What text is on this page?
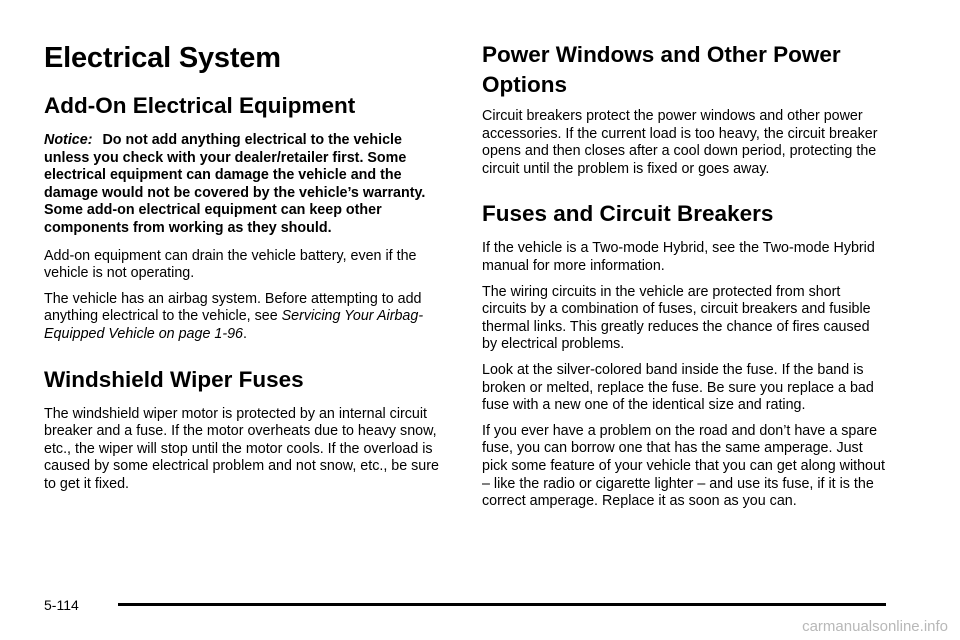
Electrical System
Add-On Electrical Equipment

Notice: Do not add anything electrical to the vehicle unless you check with your dealer/retailer first. Some electrical equipment can damage the vehicle and the damage would not be covered by the vehicle’s warranty. Some add-on electrical equipment can keep other components from working as they should.

Add-on equipment can drain the vehicle battery, even if the vehicle is not operating.

The vehicle has an airbag system. Before attempting to add anything electrical to the vehicle, see Servicing Your Airbag-Equipped Vehicle on page 1-96.

Windshield Wiper Fuses

The windshield wiper motor is protected by an internal circuit breaker and a fuse. If the motor overheats due to heavy snow, etc., the wiper will stop until the motor cools. If the overload is caused by some electrical problem and not snow, etc., be sure to get it fixed.

Power Windows and Other Power Options

Circuit breakers protect the power windows and other power accessories. If the current load is too heavy, the circuit breaker opens and then closes after a cool down period, protecting the circuit until the problem is fixed or goes away.

Fuses and Circuit Breakers

If the vehicle is a Two-mode Hybrid, see the Two-mode Hybrid manual for more information.

The wiring circuits in the vehicle are protected from short circuits by a combination of fuses, circuit breakers and fusible thermal links. This greatly reduces the chance of fires caused by electrical problems.

Look at the silver-colored band inside the fuse. If the band is broken or melted, replace the fuse. Be sure you replace a bad fuse with a new one of the identical size and rating.

If you ever have a problem on the road and don’t have a spare fuse, you can borrow one that has the same amperage. Just pick some feature of your vehicle that you can get along without – like the radio or cigarette lighter – and use its fuse, if it is the correct amperage. Replace it as soon as you can.

5-114
carmanualsonline.info
